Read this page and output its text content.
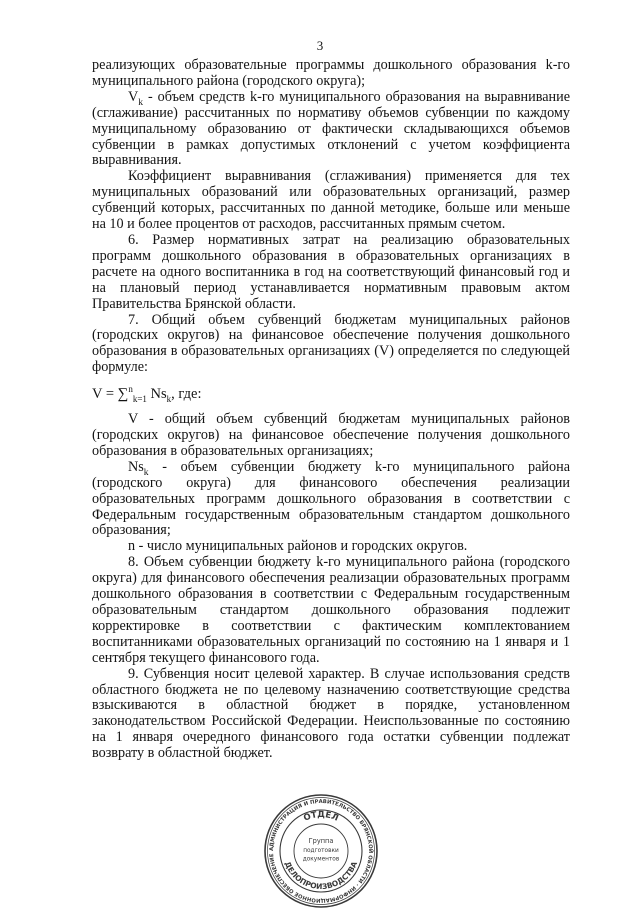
3

реализующих образовательные программы дошкольного образования k-го муниципального района (городского округа);

$V_k$ - объем средств k-го муниципального образования на выравнивание (сглаживание) рассчитанных по нормативу объемов субвенции по каждому муниципальному образованию от фактически складывающихся объемов субвенции в рамках допустимых отклонений с учетом коэффициента выравнивания.

Коэффициент выравнивания (сглаживания) применяется для тех муниципальных образований или образовательных организаций, размер субвенций которых, рассчитанных по данной методике, больше или меньше на 10 и более процентов от расходов, рассчитанных прямым счетом.

6. Размер нормативных затрат на реализацию образовательных программ дошкольного образования в образовательных организациях в расчете на одного воспитанника в год на соответствующий финансовый год и на плановый период устанавливается нормативным правовым актом Правительства Брянской области.

7. Общий объем субвенций бюджетам муниципальных районов (городских округов) на финансовое обеспечение получения дошкольного образования в образовательных организациях (V) определяется по следующей формуле:

V = ∑$^n_{k=1}$ $Ns_k$, где:

V - общий объем субвенций бюджетам муниципальных районов (городских округов) на финансовое обеспечение получения дошкольного образования в образовательных организациях;

$Ns_k$ - объем субвенции бюджету k-го муниципального района (городского округа) для финансового обеспечения реализации образовательных программ дошкольного образования в соответствии с Федеральным государственным образовательным стандартом дошкольного образования;

n - число муниципальных районов и городских округов.

8. Объем субвенции бюджету k-го муниципального района (городского округа) для финансового обеспечения реализации образовательных программ дошкольного образования в соответствии с Федеральным государственным образовательным стандартом дошкольного образования подлежит корректировке в соответствии с фактическим комплектованием воспитанниками образовательных организаций по состоянию на 1 января и 1 сентября текущего финансового года.

9. Субвенция носит целевой характер. В случае использования средств областного бюджета не по целевому назначению соответствующие средства взыскиваются в областной бюджет в порядке, установленном законодательством Российской Федерации. Неиспользованные по состоянию на 1 января очередного финансового года остатки субвенции подлежат возврату в областной бюджет.

АДМИНИСТРАЦИЯ И ПРАВИТЕЛЬСТВО БРЯНСКОЙ ОБЛАСТИ · ИНФОРМАЦИОННОЕ ОБЕСПЕЧЕНИЕ
ОТДЕЛ
ДЕЛОПРОИЗВОДСТВА
Группа
подготовки
документов
